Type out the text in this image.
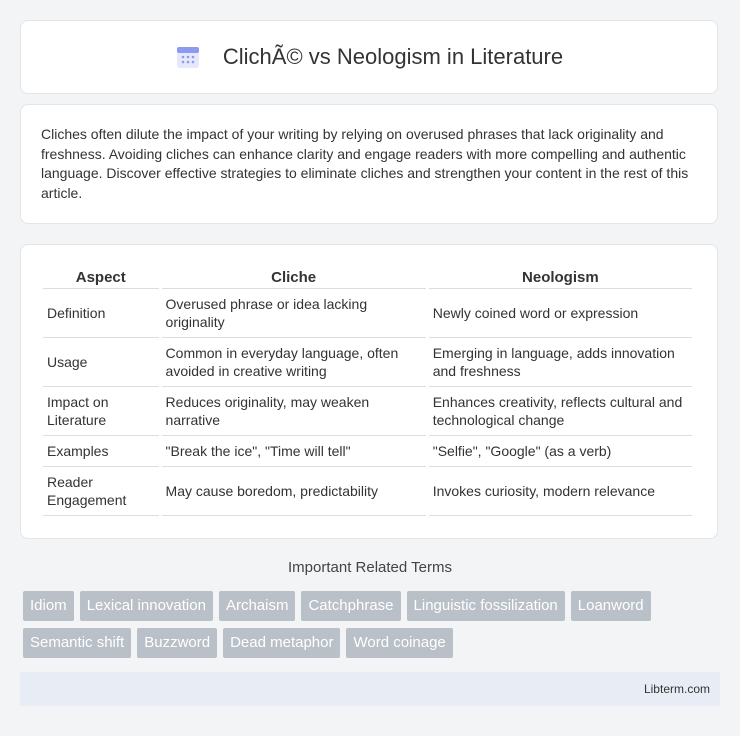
ClichÃ© vs Neologism in Literature
Cliches often dilute the impact of your writing by relying on overused phrases that lack originality and freshness. Avoiding cliches can enhance clarity and engage readers with more compelling and authentic language. Discover effective strategies to eliminate cliches and strengthen your content in the rest of this article.
Aspect	Cliche	Neologism
Definition	Overused phrase or idea lacking originality	Newly coined word or expression
Usage	Common in everyday language, often avoided in creative writing	Emerging in language, adds innovation and freshness
Impact on Literature	Reduces originality, may weaken narrative	Enhances creativity, reflects cultural and technological change
Examples	"Break the ice", "Time will tell"	"Selfie", "Google" (as a verb)
Reader Engagement	May cause boredom, predictability	Invokes curiosity, modern relevance
Important Related Terms
Idiom	Lexical innovation	Archaism	Catchphrase	Linguistic fossilization	Loanword
Semantic shift	Buzzword	Dead metaphor	Word coinage
Libterm.com
